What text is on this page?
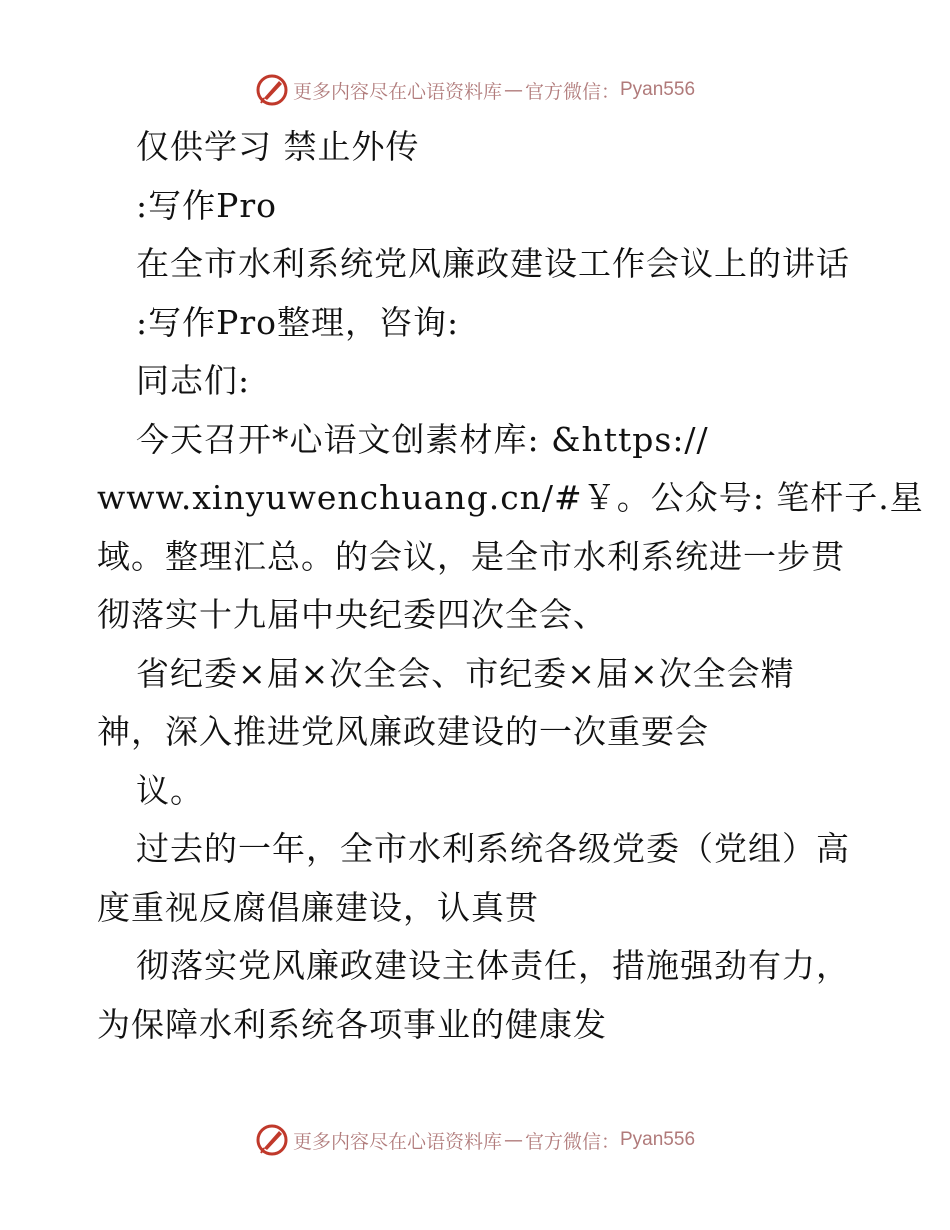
更多内容尽在心语资料库 — 官方微信： Pyan556
仅供学习 禁止外传
:写作Pro
在全市水利系统党风廉政建设工作会议上的讲话
:写作Pro整理，咨询:
同志们:
今天召开*心语文创素材库: &https://
www.xinyuwenchuang.cn/#￥。公众号: 笔杆子.星
域。整理汇总。的会议，是全市水利系统进一步贯
彻落实十九届中央纪委四次全会、
省纪委×届×次全会、市纪委×届×次全会精
神，深入推进党风廉政建设的一次重要会
议。
过去的一年，全市水利系统各级党委（党组）高
度重视反腐倡廉建设，认真贯
彻落实党风廉政建设主体责任，措施强劲有力，
为保障水利系统各项事业的健康发
更多内容尽在心语资料库 — 官方微信： Pyan556
